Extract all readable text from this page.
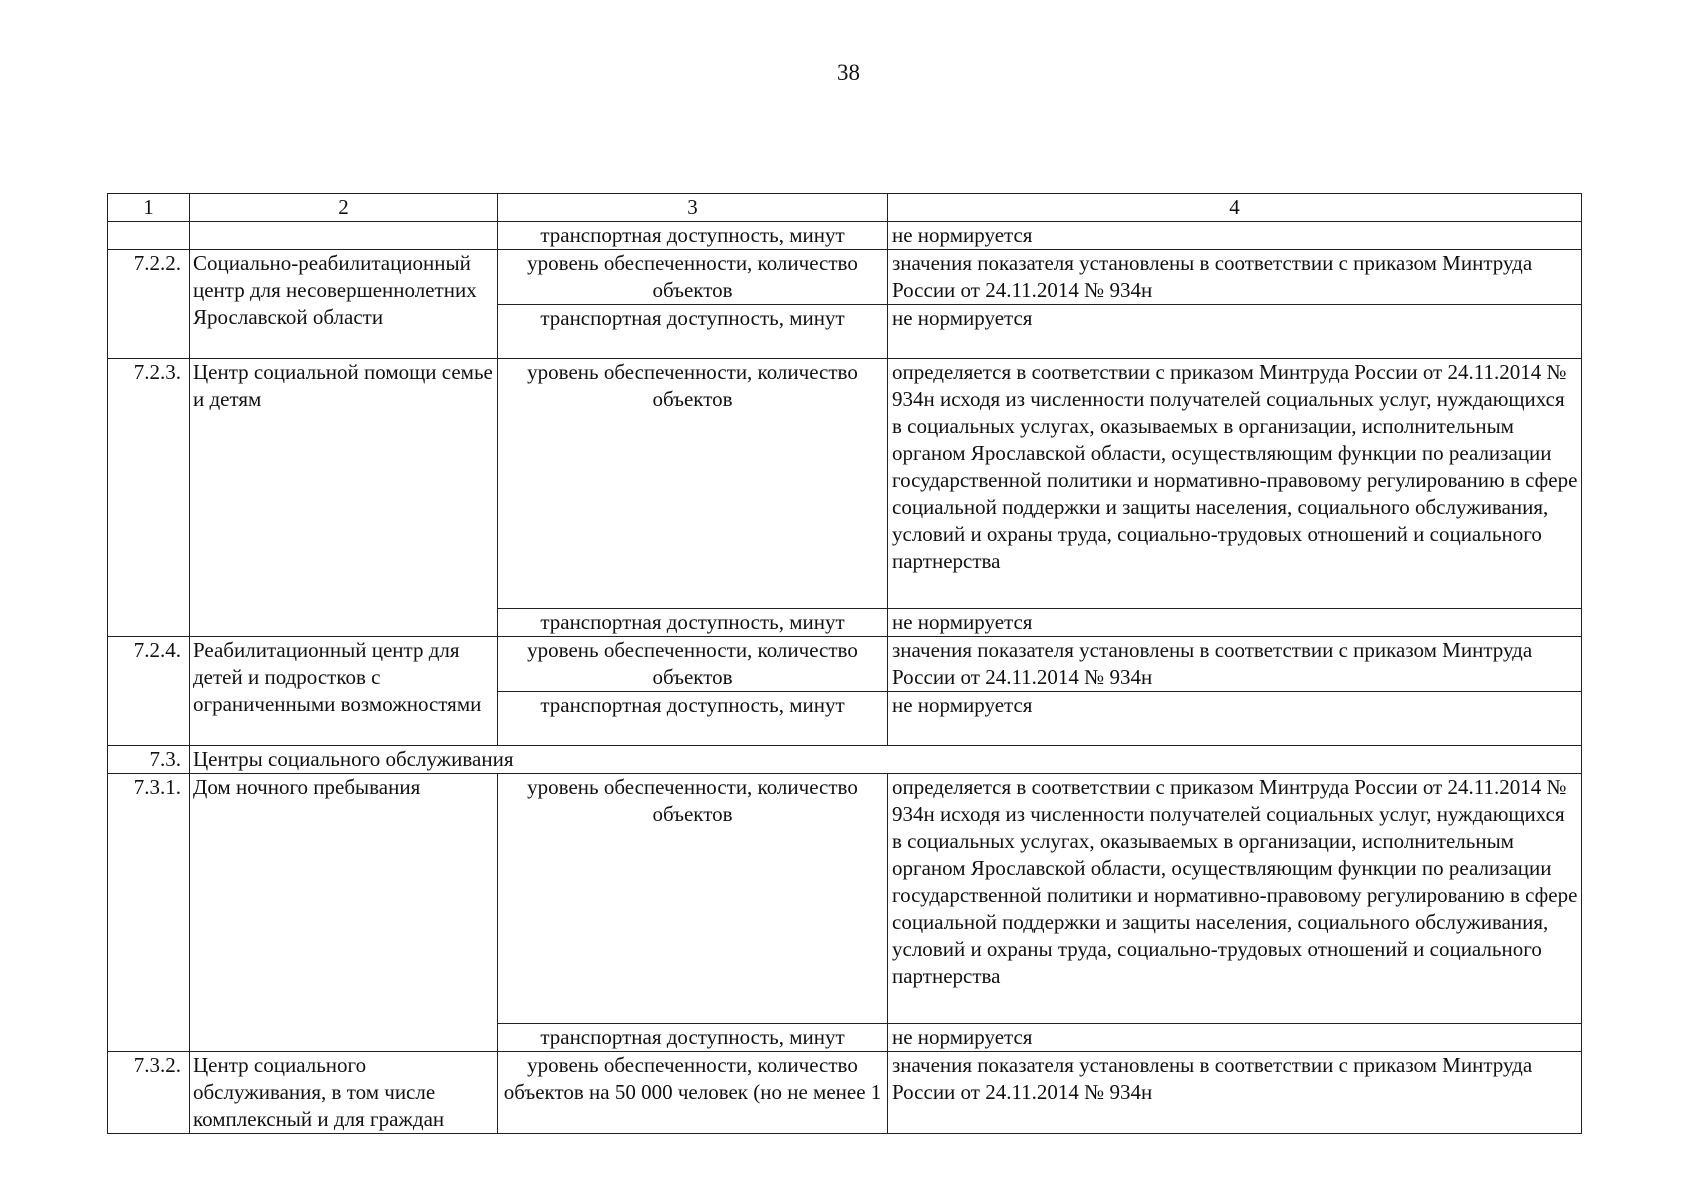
38
1	2	3	4
		транспортная доступность, минут	не нормируется
7.2.2.	Социально-реабилитационный центр для несовершеннолетних Ярославской области	уровень обеспеченности, количество объектов	значения показателя установлены в соответствии с приказом Минтруда России от 24.11.2014 № 934н
		транспортная доступность, минут	не нормируется
7.2.3.	Центр социальной помощи семье и детям	уровень обеспеченности, количество объектов	определяется в соответствии с приказом Минтруда России от 24.11.2014 № 934н исходя из численности получателей социальных услуг, нуждающихся в социальных услугах, оказываемых в организации, исполнительным органом Ярославской области, осуществляющим функции по реализации государственной политики и нормативно-правовому регулированию в сфере социальной поддержки и защиты населения, социального обслуживания, условий и охраны труда, социально-трудовых отношений и социального партнерства
		транспортная доступность, минут	не нормируется
7.2.4.	Реабилитационный центр для детей и подростков с ограниченными возможностями	уровень обеспеченности, количество объектов	значения показателя установлены в соответствии с приказом Минтруда России от 24.11.2014 № 934н
		транспортная доступность, минут	не нормируется
7.3.	Центры социального обслуживания		
7.3.1.	Дом ночного пребывания	уровень обеспеченности, количество объектов	определяется в соответствии с приказом Минтруда России от 24.11.2014 № 934н исходя из численности получателей социальных услуг, нуждающихся в социальных услугах, оказываемых в организации, исполнительным органом Ярославской области, осуществляющим функции по реализации государственной политики и нормативно-правовому регулированию в сфере социальной поддержки и защиты населения, социального обслуживания, условий и охраны труда, социально-трудовых отношений и социального партнерства
		транспортная доступность, минут	не нормируется
7.3.2.	Центр социального обслуживания, в том числе комплексный и для граждан	уровень обеспеченности, количество объектов на 50 000 человек (но не менее 1	значения показателя установлены в соответствии с приказом Минтруда России от 24.11.2014 № 934н
